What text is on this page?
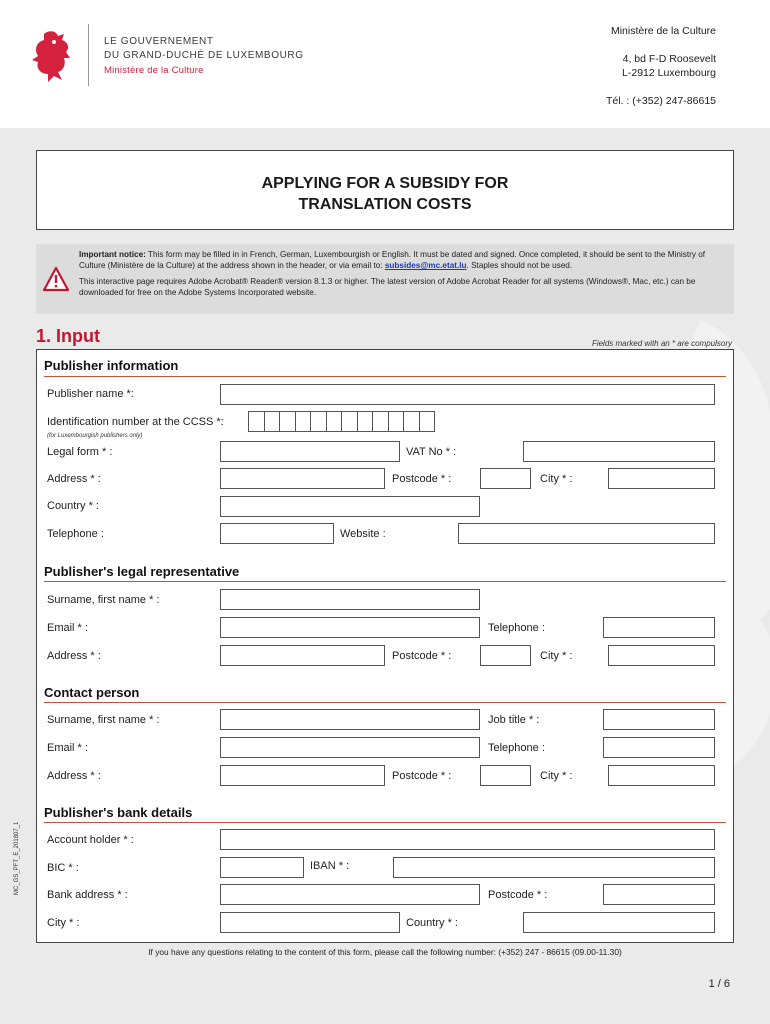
LE GOUVERNEMENT
DU GRAND-DUCHÉ DE LUXEMBOURG
Ministère de la Culture
Ministère de la Culture
4, bd F-D Roosevelt
L-2912 Luxembourg
Tél. : (+352) 247-86615
APPLYING FOR A SUBSIDY FOR
TRANSLATION COSTS

Important notice: This form may be filled in in French, German, Luxembourgish or English. It must be dated and signed. Once completed, it should be sent to the Ministry of Culture (Ministère de la Culture) at the address shown in the header, or via email to: subsides@mc.etat.lu. Staples should not be used.

This interactive page requires Adobe Acrobat® Reader® version 8.1.3 or higher. The latest version of Adobe Acrobat Reader for all systems (Windows®, Mac, etc.) can be downloaded for free on the Adobe Systems Incorporated website.

1. Input	Fields marked with an * are compulsory
Publisher information
Publisher name *:
Identification number at the CCSS *:
(for Luxembourgish publishers only)
Legal form * :	VAT No * :
Address * :	Postcode * :	City * :
Country * :
Telephone :	Website :
Publisher's legal representative
Surname, first name * :
Email * :	Telephone :
Address * :	Postcode * :	City * :
Contact person
Surname, first name * :	Job title * :
Email * :	Telephone :
Address * :	Postcode * :	City * :
Publisher's bank details
Account holder * :
BIC * :	IBAN * :
Bank address * :	Postcode * :
City * :	Country * :
MC_GS_PFT_E_201807_1
If you have any questions relating to the content of this form, please call the following number: (+352) 247 - 86615 (09.00-11.30)
1 / 6
